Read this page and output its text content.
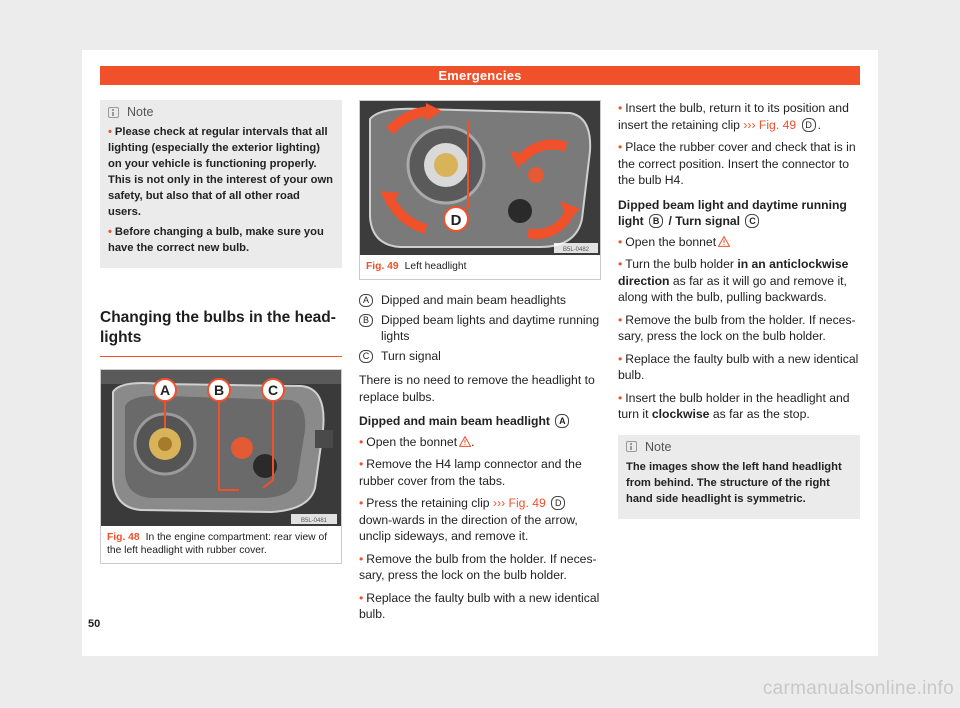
Emergencies
Note

• Please check at regular intervals that all lighting (especially the exterior lighting) on your vehicle is functioning properly. This is not only in the interest of your own safety, but also that of all other road users.

• Before changing a bulb, make sure you have the correct new bulb.

Changing the bulbs in the head-lights
A	B	C
B5L-0481
Fig. 48 In the engine compartment: rear view of the left headlight with rubber cover.
D
B5L-0482
Fig. 49 Left headlight
A Dipped and main beam headlights
B Dipped beam lights and daytime running lights
C Turn signal

There is no need to remove the headlight to replace bulbs.

Dipped and main beam headlight A

• Open the bonnet .

• Remove the H4 lamp connector and the rubber cover from the tabs.

• Press the retaining clip ››› Fig. 49 D down-wards in the direction of the arrow, unclip sideways, and remove it.

• Remove the bulb from the holder. If neces-sary, press the lock on the bulb holder.

• Replace the faulty bulb with a new identical bulb.

• Insert the bulb, return it to its position and insert the retaining clip ››› Fig. 49 D .

• Place the rubber cover and check that is in the correct position. Insert the connector to the bulb H4.

Dipped beam light and daytime running light B / Turn signal C

• Open the bonnet

• Turn the bulb holder in an anticlockwise direction as far as it will go and remove it, along with the bulb, pulling backwards.

• Remove the bulb from the holder. If neces-sary, press the lock on the bulb holder.

• Replace the faulty bulb with a new identical bulb.

• Insert the bulb holder in the headlight and turn it clockwise as far as the stop.

Note

The images show the left hand headlight from behind. The structure of the right hand side headlight is symmetric.

50
carmanualsonline.info
